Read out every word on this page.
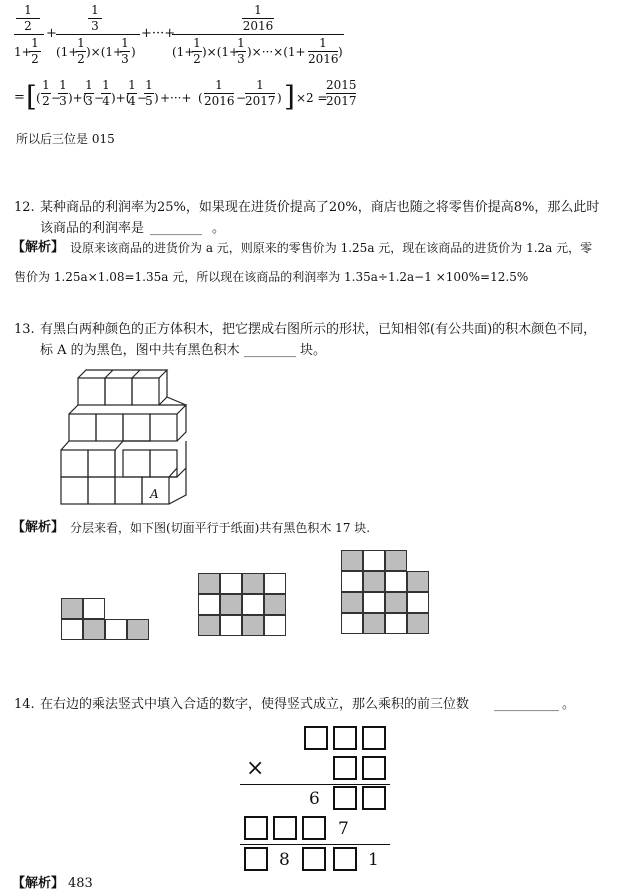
1
2
1+
1
2
+
1
3
(1+
1
2 )×(1+
1
3 )
+···+
1
2016
(1+
1
2 )×(1+
1
3 )×···×(1+
1
2016 )
= [ (
1
2 −
1
3 )+(
1
3 −
1
4 )+(
1
4 −
1
5 ) +···+ (
1
2016 −
1
2017 ) ] ×2 =
2015
2017
所以后三位是 015
12. 某种商品的利润率为25%，如果现在进货价提高了20%，商店也随之将零售价提高8%，那么此时
该商品的利润率是 ________ 。
【解析】 设原来该商品的进货价为 a 元，则原来的零售价为 1.25a 元，现在该商品的进货价为 1.2a 元，零
售价为 1.25a×1.08=1.35a 元，所以现在该商品的利润率为 1.35a÷1.2a−1 ×100%=12.5%
13. 有黑白两种颜色的正方体积木，把它摆成右图所示的形状，已知相邻(有公共面)的积木颜色不同，
标 A 的为黑色，图中共有黑色积木 ________ 块。
A
【解析】 分层来看，如下图(切面平行于纸面)共有黑色积木 17 块.
14. 在右边的乘法竖式中填入合适的数字，使得竖式成立，那么乘积的前三位数 __________ 。
×
6
7
8	1
【解析】 483
